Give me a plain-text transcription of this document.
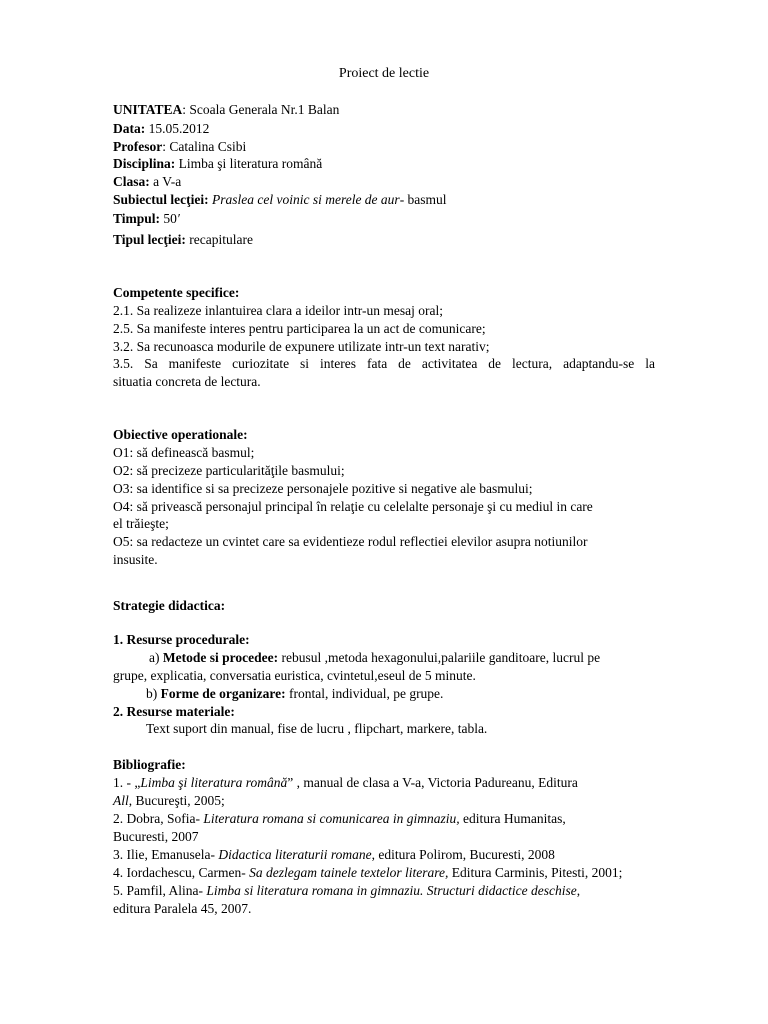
Proiect de lectie
UNITATEA: Scoala Generala Nr.1 Balan
Data: 15.05.2012
Profesor: Catalina Csibi
Disciplina: Limba şi literatura română
Clasa: a V-a
Subiectul lecţiei: Praslea cel voinic si merele de aur- basmul
Timpul: 50′
Tipul lecţiei: recapitulare
Competente specifice:
2.1. Sa realizeze inlantuirea clara a ideilor intr-un mesaj oral;
2.5. Sa manifeste interes pentru participarea la un act de comunicare;
3.2. Sa recunoasca modurile de expunere utilizate intr-un text narativ;
3.5. Sa manifeste curiozitate si interes fata de activitatea de lectura, adaptandu-se la
situatia concreta de lectura.
Obiective operationale:
O1: să definească basmul;
O2: să precizeze particularităţile basmului;
O3: sa identifice si sa precizeze personajele pozitive si negative ale basmului;
O4: să privească personajul principal în relaţie cu celelalte personaje şi cu mediul in care
el trăieşte;
O5: sa redacteze un cvintet care sa evidentieze rodul reflectiei elevilor asupra notiunilor
insusite.
Strategie didactica:
1. Resurse procedurale:
a) Metode si procedee: rebusul ,metoda hexagonului,palariile ganditoare, lucrul pe
grupe, explicatia, conversatia euristica, cvintetul,eseul de 5 minute.
b) Forme de organizare: frontal, individual, pe grupe.
2. Resurse materiale:
Text suport din manual, fise de lucru , flipchart, markere, tabla.
Bibliografie:
1. - „Limba şi literatura română” , manual de clasa a V-a, Victoria Padureanu, Editura
All, Bucureşti, 2005;
2. Dobra, Sofia- Literatura romana si comunicarea in gimnaziu, editura Humanitas,
Bucuresti, 2007
3. Ilie, Emanusela- Didactica literaturii romane, editura Polirom, Bucuresti, 2008
4. Iordachescu, Carmen- Sa dezlegam tainele textelor literare, Editura Carminis, Pitesti, 2001;
5. Pamfil, Alina- Limba si literatura romana in gimnaziu. Structuri didactice deschise,
editura Paralela 45, 2007.
